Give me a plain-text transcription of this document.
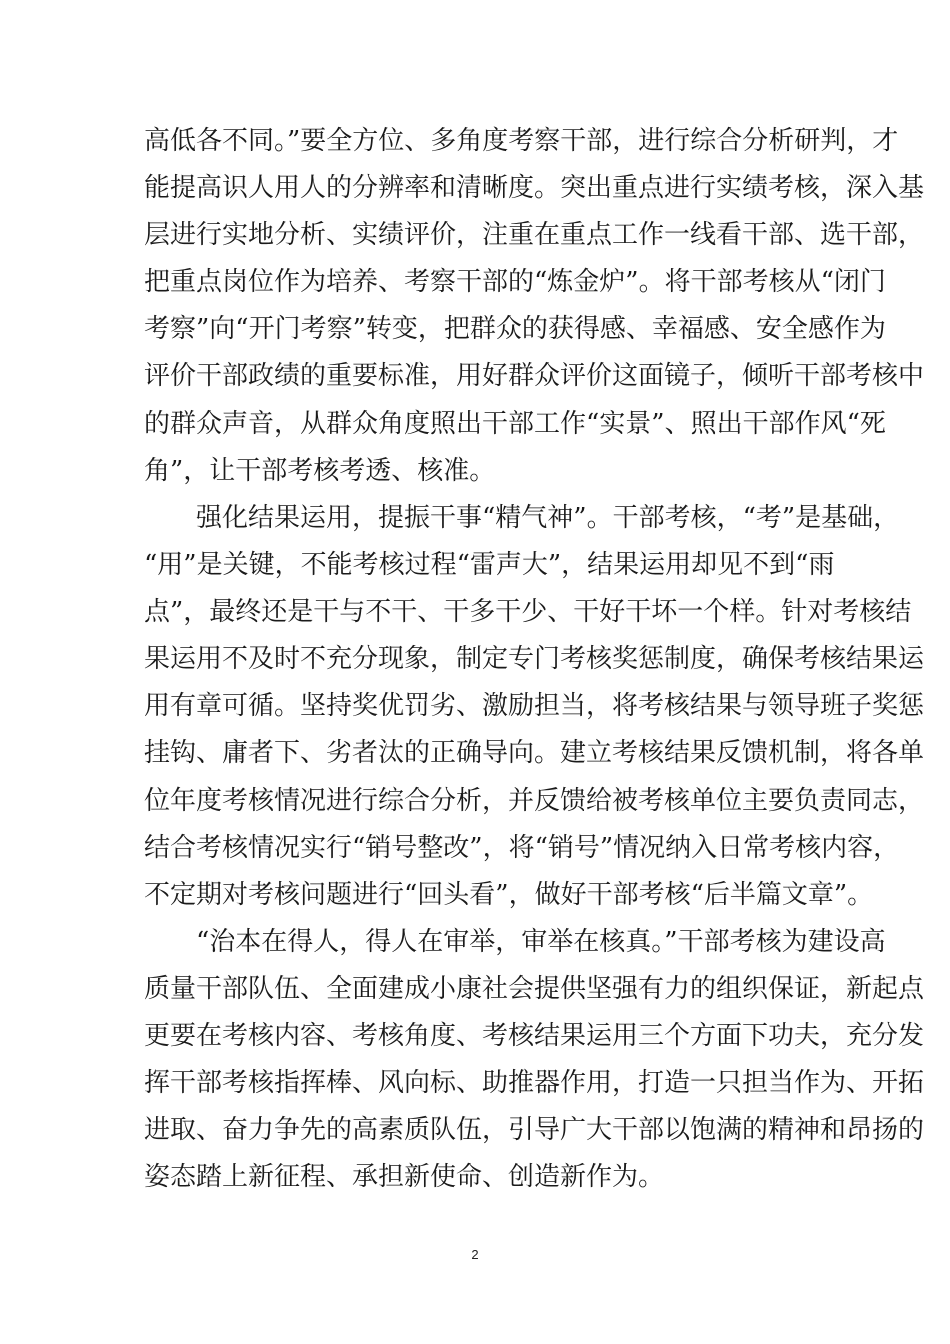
高低各不同。”要全方位、多角度考察干部，进行综合分析研判，才
能提高识人用人的分辨率和清晰度。突出重点进行实绩考核，深入基
层进行实地分析、实绩评价，注重在重点工作一线看干部、选干部，
把重点岗位作为培养、考察干部的“炼金炉”。将干部考核从“闭门
考察”向“开门考察”转变，把群众的获得感、幸福感、安全感作为
评价干部政绩的重要标准，用好群众评价这面镜子，倾听干部考核中
的群众声音，从群众角度照出干部工作“实景”、照出干部作风“死
角”，让干部考核考透、核准。
　　强化结果运用，提振干事“精气神”。干部考核，“考”是基础，
“用”是关键，不能考核过程“雷声大”，结果运用却见不到“雨
点”，最终还是干与不干、干多干少、干好干坏一个样。针对考核结
果运用不及时不充分现象，制定专门考核奖惩制度，确保考核结果运
用有章可循。坚持奖优罚劣、激励担当，将考核结果与领导班子奖惩
挂钩、庸者下、劣者汰的正确导向。建立考核结果反馈机制，将各单
位年度考核情况进行综合分析，并反馈给被考核单位主要负责同志，
结合考核情况实行“销号整改”，将“销号”情况纳入日常考核内容，
不定期对考核问题进行“回头看”，做好干部考核“后半篇文章”。
　　“治本在得人，得人在审举，审举在核真。”干部考核为建设高
质量干部队伍、全面建成小康社会提供坚强有力的组织保证，新起点
更要在考核内容、考核角度、考核结果运用三个方面下功夫，充分发
挥干部考核指挥棒、风向标、助推器作用，打造一只担当作为、开拓
进取、奋力争先的高素质队伍，引导广大干部以饱满的精神和昂扬的
姿态踏上新征程、承担新使命、创造新作为。
2
